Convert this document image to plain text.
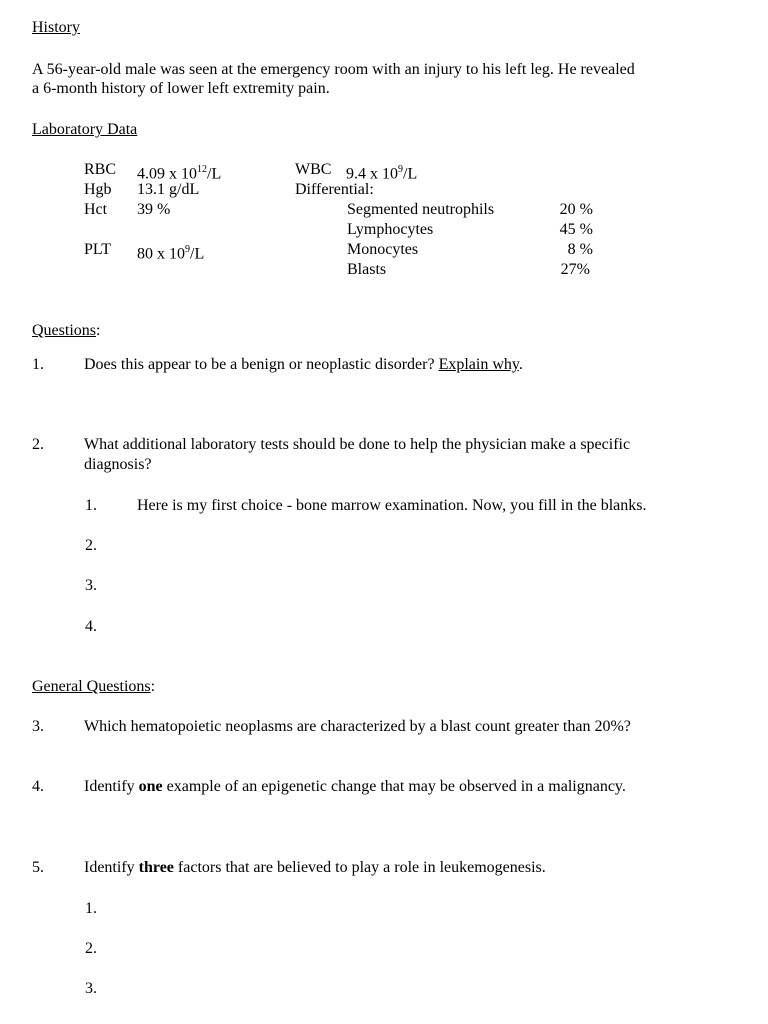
History
A 56-year-old male was seen at the emergency room with an injury to his left leg. He revealed
a 6-month history of lower left extremity pain.
Laboratory Data
RBC 4.09 x $10^{12}/L$
Hgb 13.1 g/dL
Hct 39 %
PLT 80 x $10^9/L$
WBC 9.4 x $10^9/L$
Differential:
Segmented neutrophils	20 %
Lymphocytes	45 %
Monocytes	8 %
Blasts	27%
Questions:
1.	Does this appear to be a benign or neoplastic disorder? Explain why.
2.	What additional laboratory tests should be done to help the physician make a specific
diagnosis?
1.	Here is my first choice - bone marrow examination. Now, you fill in the blanks.
2.
3.
4.
General Questions:
3.	Which hematopoietic neoplasms are characterized by a blast count greater than 20%?
4.	Identify one example of an epigenetic change that may be observed in a malignancy.
5.	Identify three factors that are believed to play a role in leukemogenesis.
1.
2.
3.
